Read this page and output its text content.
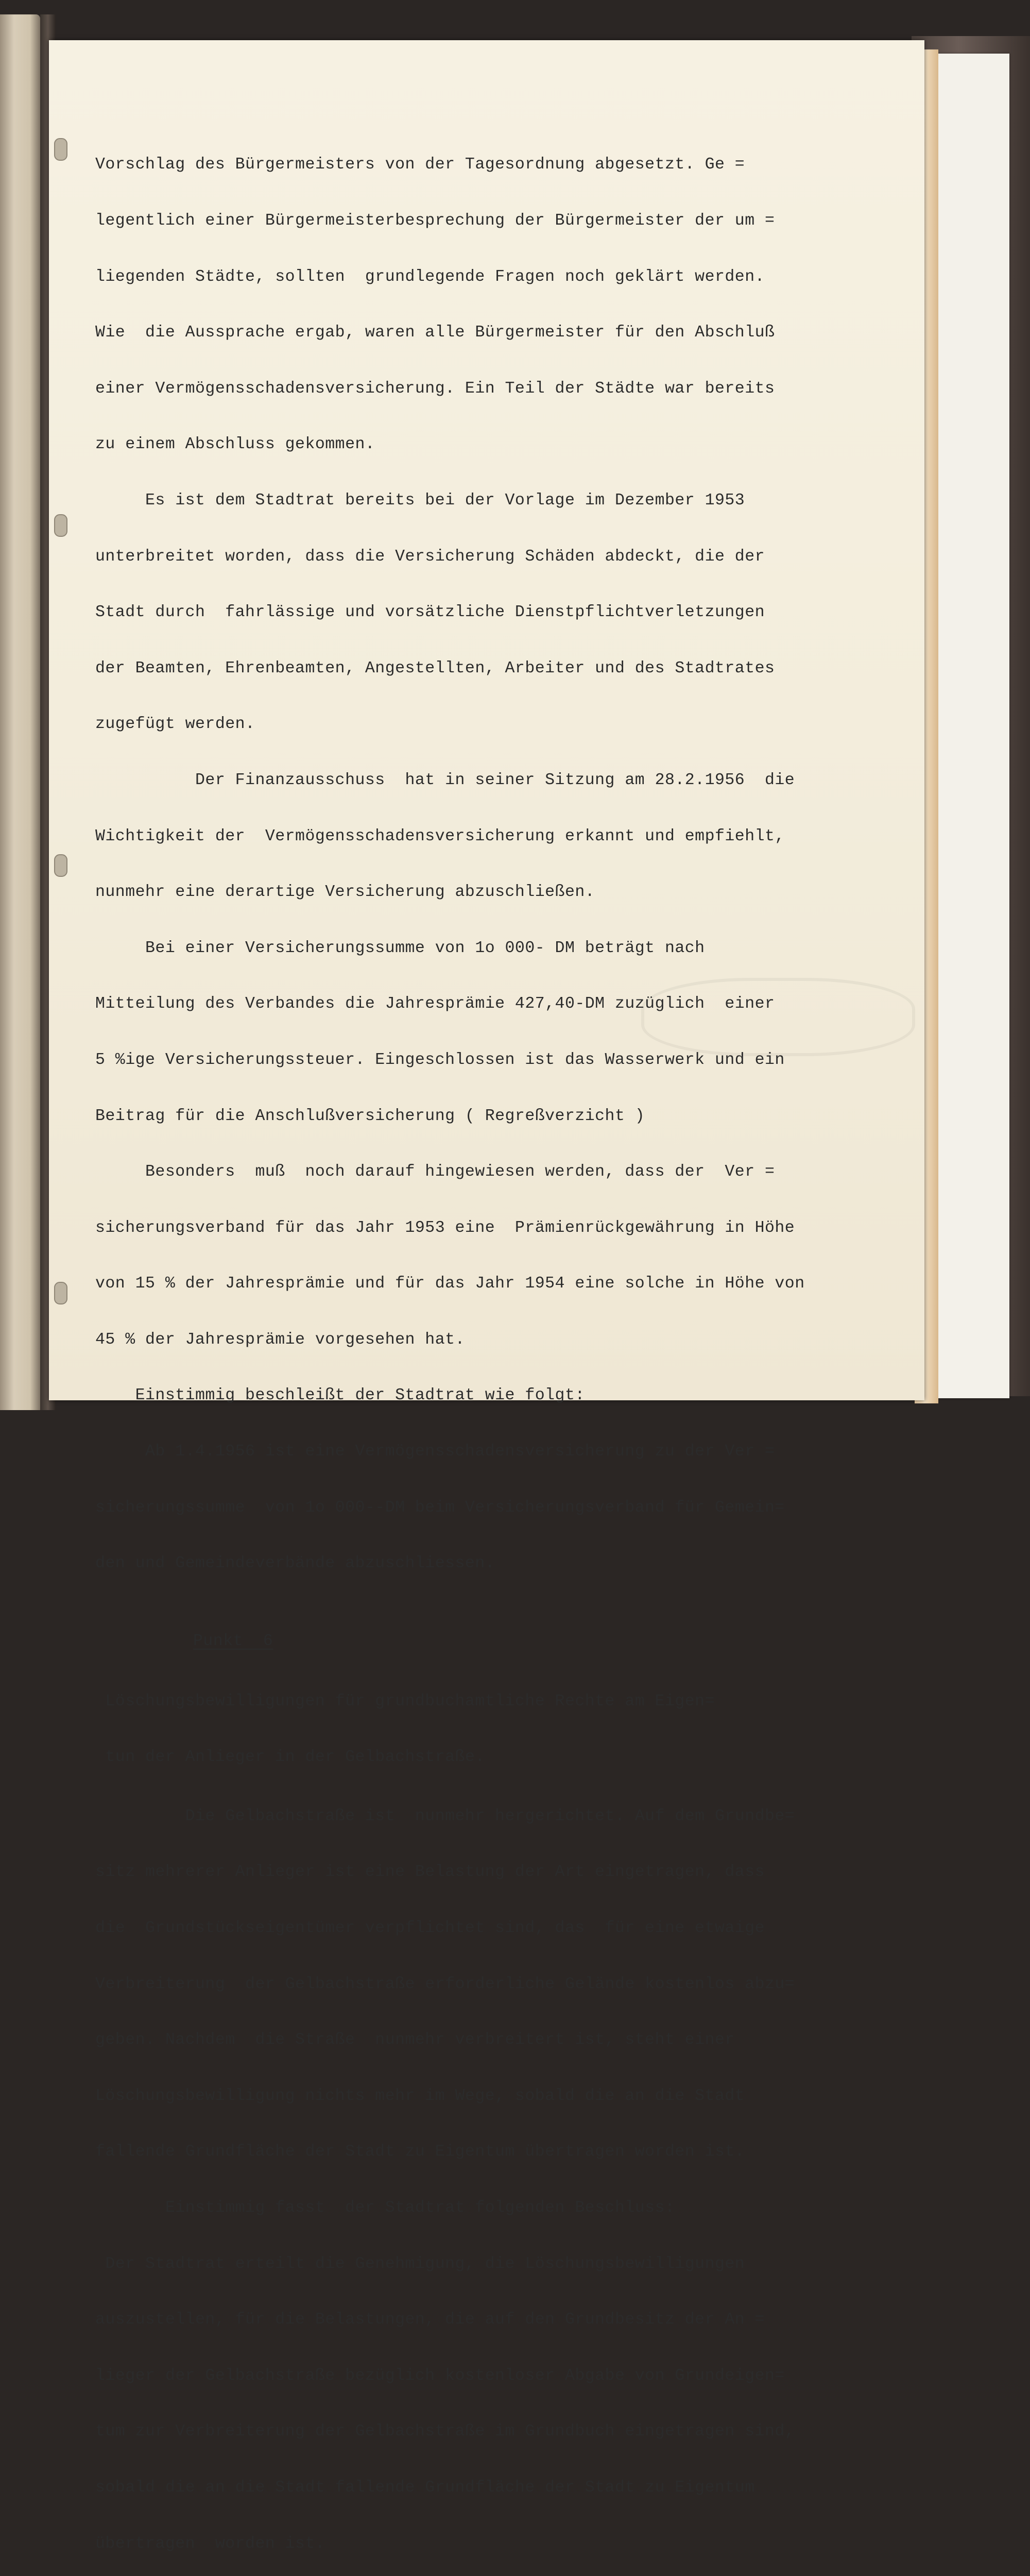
Vorschlag des Bürgermeisters von der Tagesordnung abgesetzt. Ge =

legentlich einer Bürgermeisterbesprechung der Bürgermeister der um =

liegenden Städte, sollten  grundlegende Fragen noch geklärt werden.

Wie  die Aussprache ergab, waren alle Bürgermeister für den Abschluß

einer Vermögensschadensversicherung. Ein Teil der Städte war bereits

zu einem Abschluss gekommen.

Es ist dem Stadtrat bereits bei der Vorlage im Dezember 1953

unterbreitet worden, dass die Versicherung Schäden abdeckt, die der

Stadt durch  fahrlässige und vorsätzliche Dienstpflichtverletzungen

der Beamten, Ehrenbeamten, Angestellten, Arbeiter und des Stadtrates

zugefügt werden.

Der Finanzausschuss  hat in seiner Sitzung am 28.2.1956  die

Wichtigkeit der  Vermögensschadensversicherung erkannt und empfiehlt,

nunmehr eine derartige Versicherung abzuschließen.

Bei einer Versicherungssumme von 1o 000- DM beträgt nach

Mitteilung des Verbandes die Jahresprämie 427,40-DM zuzüglich  einer

5 %ige Versicherungssteuer. Eingeschlossen ist das Wasserwerk und ein

Beitrag für die Anschlußversicherung ( Regreßverzicht )

Besonders  muß  noch darauf hingewiesen werden, dass der  Ver =

sicherungsverband für das Jahr 1953 eine  Prämienrückgewährung in Höhe

von 15 % der Jahresprämie und für das Jahr 1954 eine solche in Höhe von

45 % der Jahresprämie vorgesehen hat.

Einstimmig beschleißt der Stadtrat wie folgt:

Ab 1.4.1956 ist eine Vermögensschadensversicherung zu der Ver =

sicherungssumme  von 1o 000--DM beim Versicherungsverband für Gemein=

den und Gemeindeverbände abzuschliessen.

Punkt  6

Löschungsbewilligungen für grundbuchamtliche Rechte am Eigen=

tun der Anlieger in der Gelbachstraße.

Die Gelbachstraße ist  nunmehr hergerichtet. Auf dem Grundbe=

sitz mehrerer Anlieger ist eine Belastung der Art eingetragen, dass

die  Grundstückseigentümer verpflichtet sind, das  für eine etwaige

Verbreiterung  der Gelbachstraße erforderliche Gelände kostenlos abzu=

geben. Nachdem  die Straße  nunmehr verbreitert ist, steht einer

Löschungsbewilligung nichts mehr im Wege, sobald die an die Stadt

fallende Grundfläche der Stadt zu Eigentum übertragen worden ist.

Einstimmig fasst  der Stadtrat folgenden Beschluss:

Der Stadtrat erteilt die Genehmigung, die Löschungsbewilligungen

auszustellen, für die Belastungen, die auf den Grundbesitz der An =

lieger der Gelbachstraße bezüglich kostenloser Abgabe von Grundeigen=

tum zur Verbreiterung der Gelbachstraße im Grundbuch eingetragen sind,

sobald die an die Stadt fallende Grundfläche der Stadt zu Eigentum

übertragen  worden ist.
